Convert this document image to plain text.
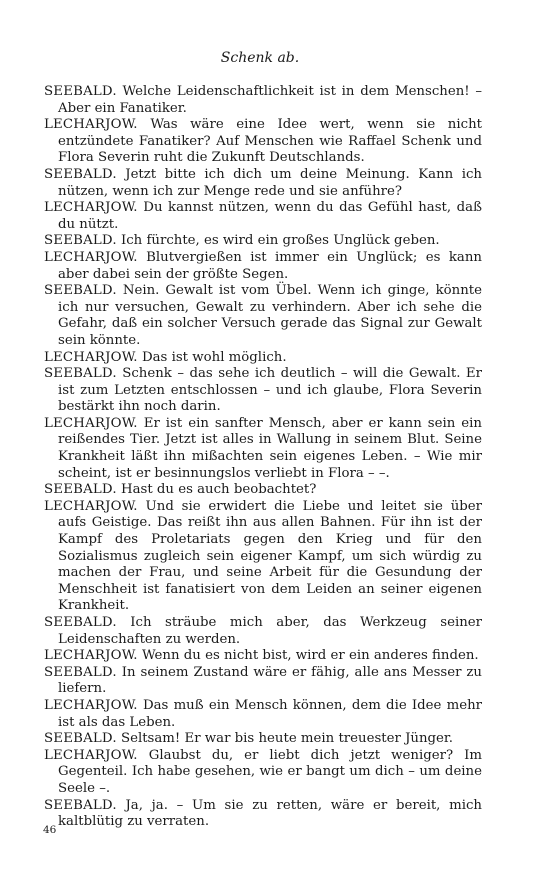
Schenk ab.

SEEBALD. Welche Leidenschaftlichkeit ist in dem Menschen! – Aber ein Fanatiker.

LECHARJOW. Was wäre eine Idee wert, wenn sie nicht entzündete Fanatiker? Auf Menschen wie Raffael Schenk und Flora Severin ruht die Zukunft Deutschlands.

SEEBALD. Jetzt bitte ich dich um deine Meinung. Kann ich nützen, wenn ich zur Menge rede und sie anführe?

LECHARJOW. Du kannst nützen, wenn du das Gefühl hast, daß du nützt.

SEEBALD. Ich fürchte, es wird ein großes Unglück geben.

LECHARJOW. Blutvergießen ist immer ein Unglück; es kann aber dabei sein der größte Segen.

SEEBALD. Nein. Gewalt ist vom Übel. Wenn ich ginge, könnte ich nur versuchen, Gewalt zu verhindern. Aber ich sehe die Gefahr, daß ein solcher Versuch gerade das Signal zur Gewalt sein könnte.

LECHARJOW. Das ist wohl möglich.

SEEBALD. Schenk – das sehe ich deutlich – will die Gewalt. Er ist zum Letzten entschlossen – und ich glaube, Flora Severin bestärkt ihn noch darin.

LECHARJOW. Er ist ein sanfter Mensch, aber er kann sein ein reißendes Tier. Jetzt ist alles in Wallung in seinem Blut. Seine Krankheit läßt ihn mißachten sein eigenes Leben. – Wie mir scheint, ist er besinnungslos verliebt in Flora – –.

SEEBALD. Hast du es auch beobachtet?

LECHARJOW. Und sie erwidert die Liebe und leitet sie über aufs Geistige. Das reißt ihn aus allen Bahnen. Für ihn ist der Kampf des Proletariats gegen den Krieg und für den Sozialismus zugleich sein eigener Kampf, um sich würdig zu machen der Frau, und seine Arbeit für die Gesundung der Menschheit ist fanatisiert von dem Leiden an seiner eigenen Krankheit.

SEEBALD. Ich sträube mich aber, das Werkzeug seiner Leidenschaften zu werden.

LECHARJOW. Wenn du es nicht bist, wird er ein anderes finden.

SEEBALD. In seinem Zustand wäre er fähig, alle ans Messer zu liefern.

LECHARJOW. Das muß ein Mensch können, dem die Idee mehr ist als das Leben.

SEEBALD. Seltsam! Er war bis heute mein treuester Jünger.

LECHARJOW. Glaubst du, er liebt dich jetzt weniger? Im Gegenteil. Ich habe gesehen, wie er bangt um dich – um deine Seele –.

SEEBALD. Ja, ja. – Um sie zu retten, wäre er bereit, mich kaltblütig zu verraten.

46
